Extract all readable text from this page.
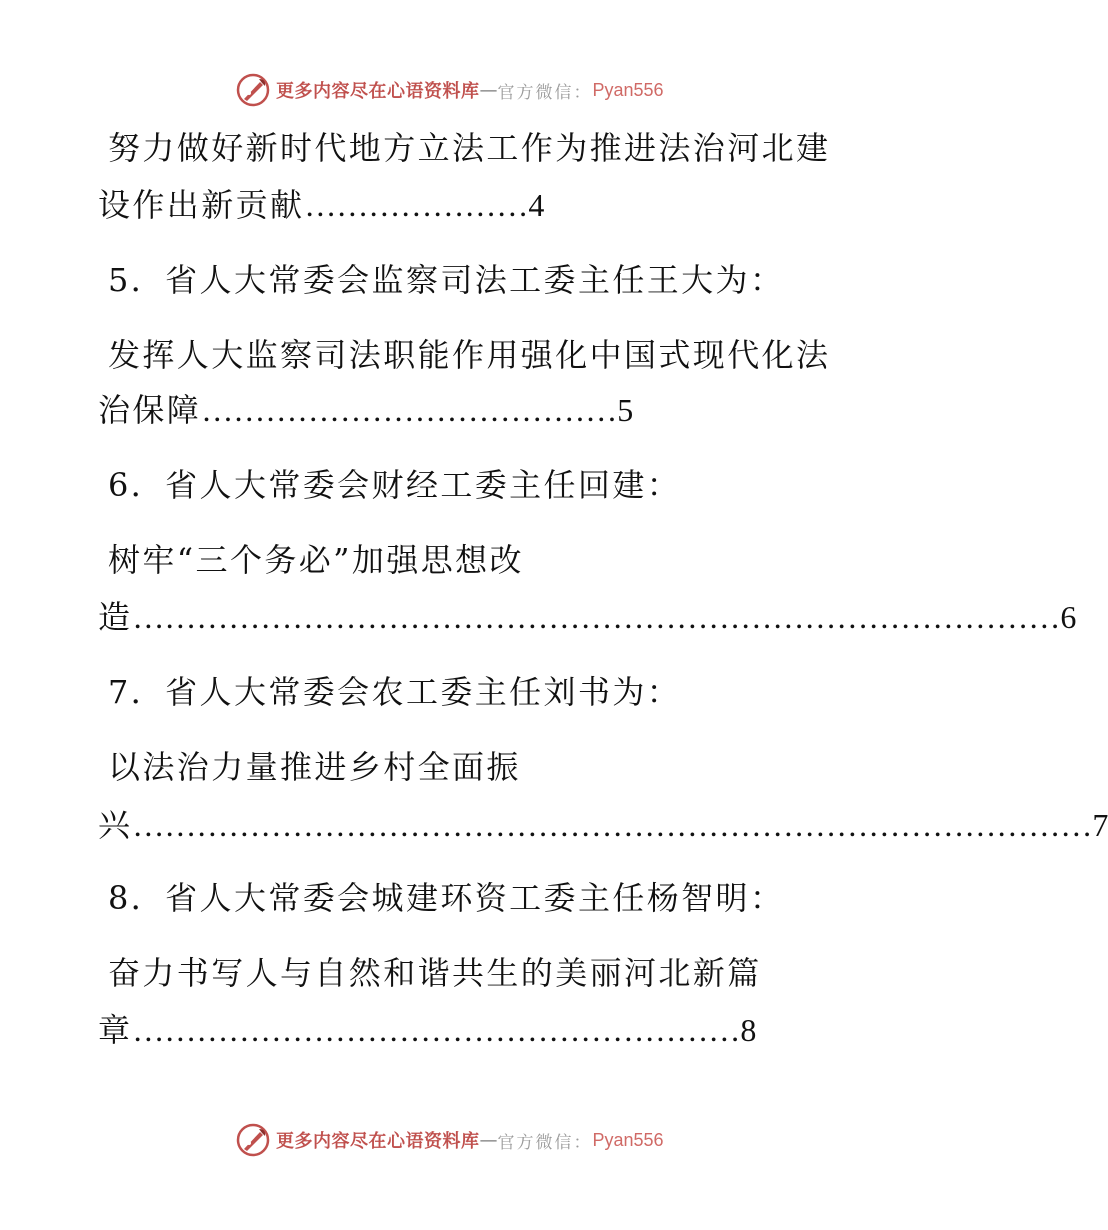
更多内容尽在心语资料库 — 官方微信： Pyan556
努力做好新时代地方立法工作为推进法治河北建
设作出新贡献…………………4
5．省人大常委会监察司法工委主任王大为：
发挥人大监察司法职能作用强化中国式现代化法
治保障…………………………………5
6．省人大常委会财经工委主任回建：
树牢“三个务必”加强思想改
造……………………………………………………………………………6
7．省人大常委会农工委主任刘书为：
以法治力量推进乡村全面振
兴………………………………………………………………………………7
8．省人大常委会城建环资工委主任杨智明：
奋力书写人与自然和谐共生的美丽河北新篇
章…………………………………………………8
更多内容尽在心语资料库 — 官方微信： Pyan556
